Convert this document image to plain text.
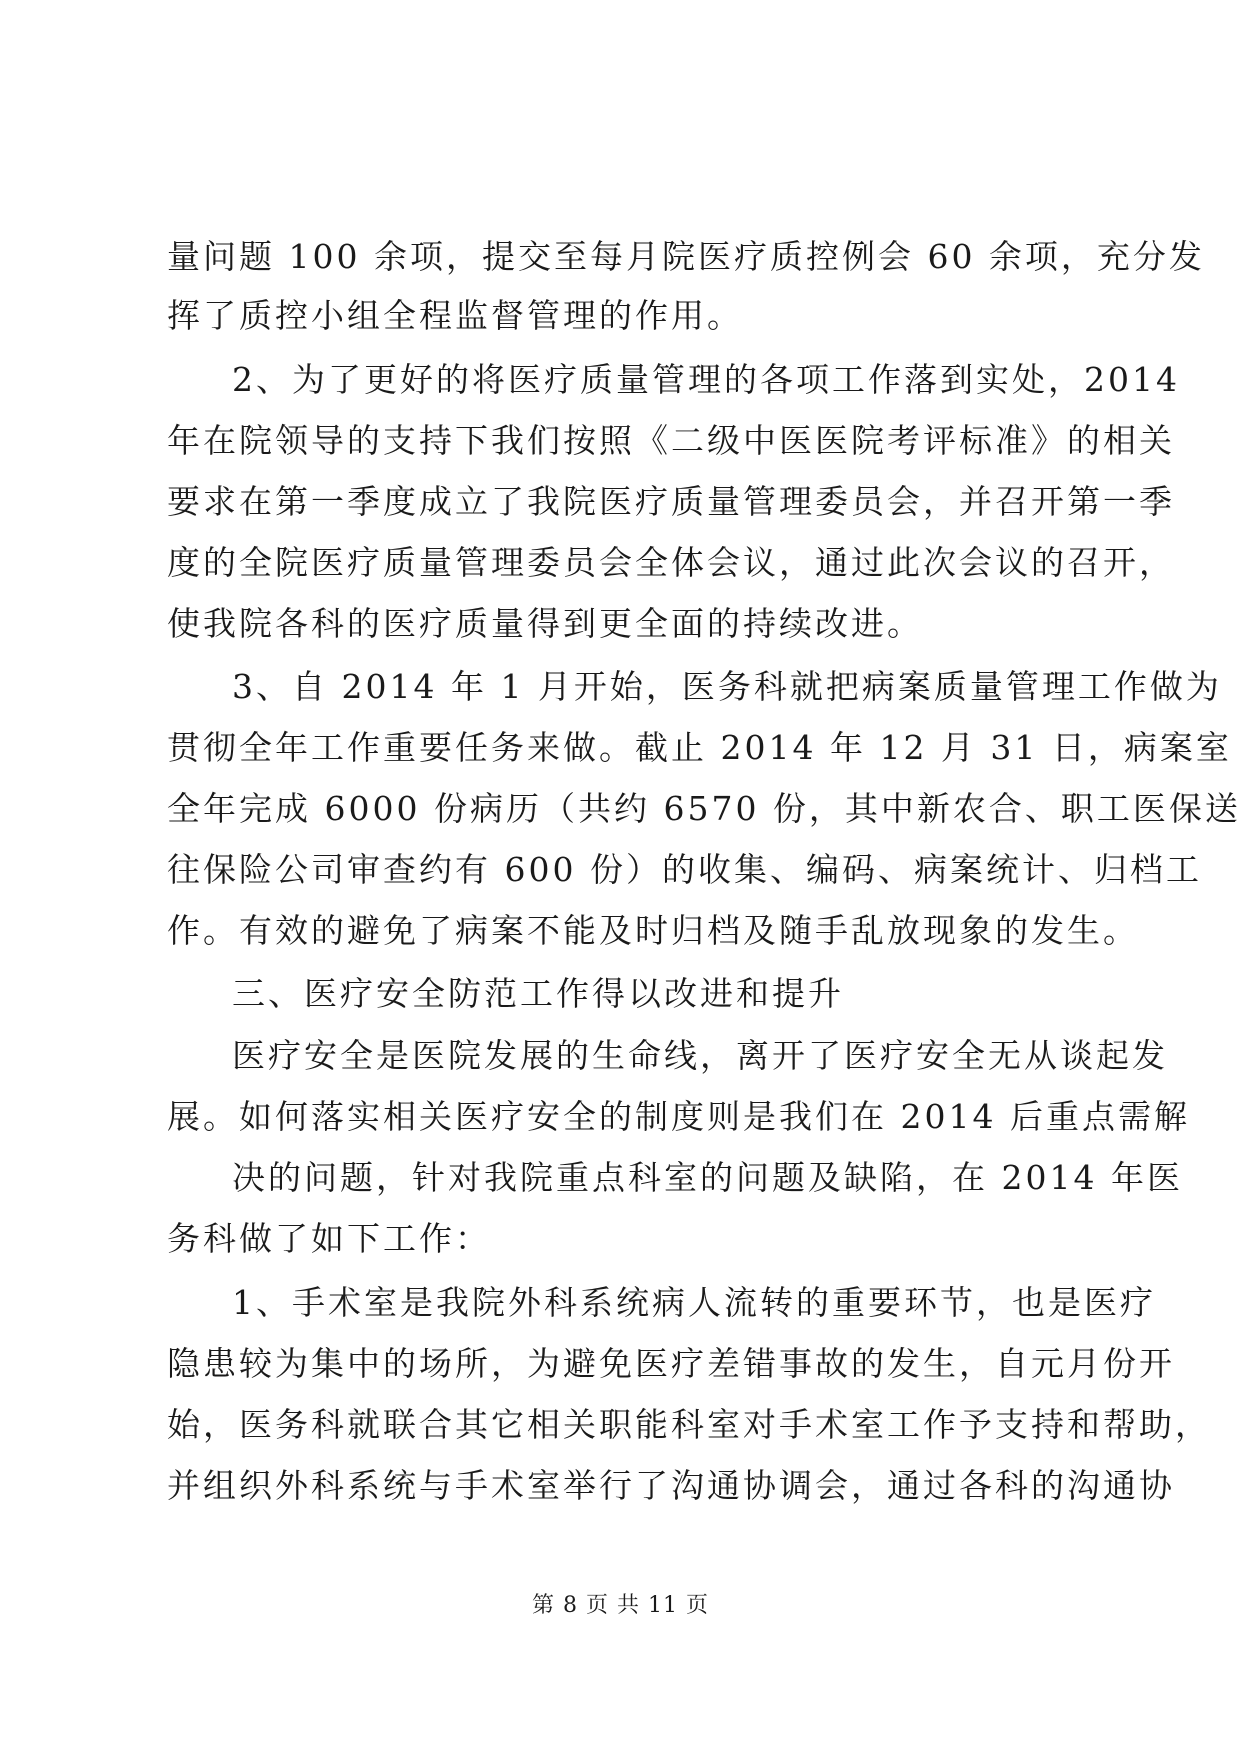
量问题 100 余项，提交至每月院医疗质控例会 60 余项，充分发
挥了质控小组全程监督管理的作用。
2、为了更好的将医疗质量管理的各项工作落到实处，2014
年在院领导的支持下我们按照《二级中医医院考评标准》的相关
要求在第一季度成立了我院医疗质量管理委员会，并召开第一季
度的全院医疗质量管理委员会全体会议，通过此次会议的召开，
使我院各科的医疗质量得到更全面的持续改进。
3、自 2014 年 1 月开始，医务科就把病案质量管理工作做为
贯彻全年工作重要任务来做。截止 2014 年 12 月 31 日，病案室
全年完成 6000 份病历（共约 6570 份，其中新农合、职工医保送
往保险公司审查约有 600 份）的收集、编码、病案统计、归档工
作。有效的避免了病案不能及时归档及随手乱放现象的发生。
三、医疗安全防范工作得以改进和提升
医疗安全是医院发展的生命线，离开了医疗安全无从谈起发
展。如何落实相关医疗安全的制度则是我们在 2014 后重点需解
决的问题，针对我院重点科室的问题及缺陷，在 2014 年医
务科做了如下工作：
1、手术室是我院外科系统病人流转的重要环节，也是医疗
隐患较为集中的场所，为避免医疗差错事故的发生，自元月份开
始，医务科就联合其它相关职能科室对手术室工作予支持和帮助，
并组织外科系统与手术室举行了沟通协调会，通过各科的沟通协
第 8 页 共 11 页
